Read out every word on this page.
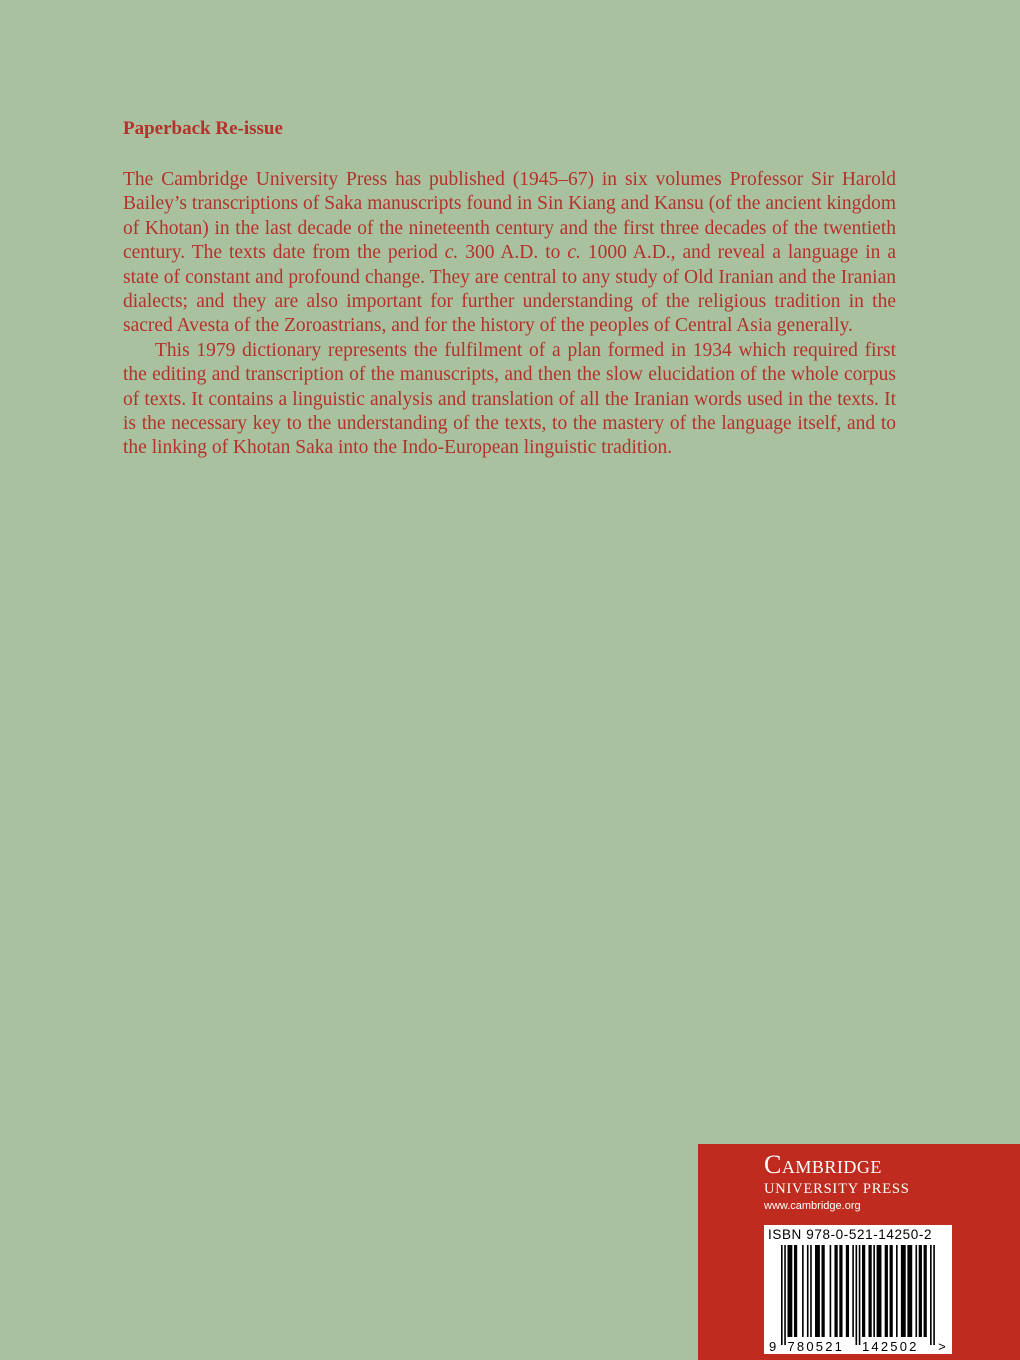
Paperback Re-issue

The Cambridge University Press has published (1945–67) in six volumes Professor Sir Harold Bailey’s transcriptions of Saka manuscripts found in Sin Kiang and Kansu (of the ancient kingdom of Khotan) in the last decade of the nineteenth century and the first three decades of the twentieth century. The texts date from the period c. 300 A.D. to c. 1000 A.D., and reveal a language in a state of constant and profound change. They are central to any study of Old Iranian and the Iranian dialects; and they are also important for further understanding of the religious tradition in the sacred Avesta of the Zoroastrians, and for the history of the peoples of Central Asia generally.

This 1979 dictionary represents the fulfilment of a plan formed in 1934 which required first the editing and transcription of the manuscripts, and then the slow elucidation of the whole corpus of texts. It contains a linguistic analysis and translation of all the Iranian words used in the texts. It is the necessary key to the understanding of the texts, to the mastery of the language itself, and to the linking of Khotan Saka into the Indo-European linguistic tradition.

Cambridge
UNIVERSITY PRESS
www.cambridge.org
9 780521 142502 >
ISBN 978-0-521-14250-2
